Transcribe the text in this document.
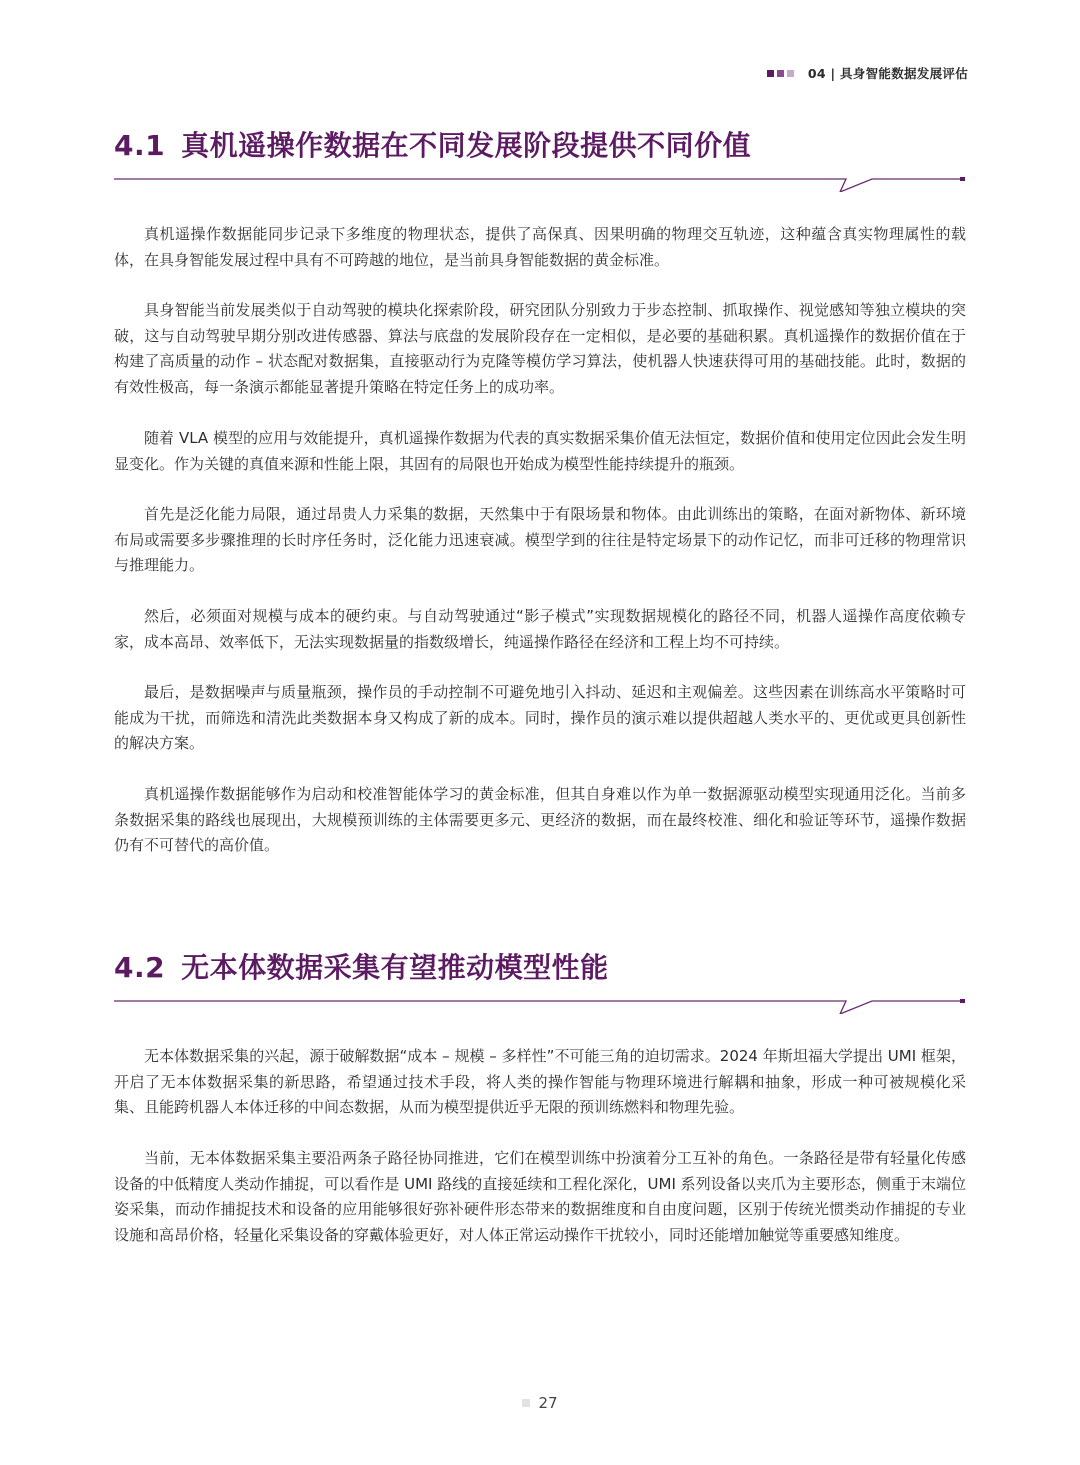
04 | 具身智能数据发展评估
4.1 真机遥操作数据在不同发展阶段提供不同价值

真机遥操作数据能同步记录下多维度的物理状态，提供了高保真、因果明确的物理交互轨迹，这种蕴含真实物理属性的载体，在具身智能发展过程中具有不可跨越的地位，是当前具身智能数据的黄金标准。

具身智能当前发展类似于自动驾驶的模块化探索阶段，研究团队分别致力于步态控制、抓取操作、视觉感知等独立模块的突破，这与自动驾驶早期分别改进传感器、算法与底盘的发展阶段存在一定相似，是必要的基础积累。真机遥操作的数据价值在于构建了高质量的动作 – 状态配对数据集，直接驱动行为克隆等模仿学习算法，使机器人快速获得可用的基础技能。此时，数据的有效性极高，每一条演示都能显著提升策略在特定任务上的成功率。

随着 VLA 模型的应用与效能提升，真机遥操作数据为代表的真实数据采集价值无法恒定，数据价值和使用定位因此会发生明显变化。作为关键的真值来源和性能上限，其固有的局限也开始成为模型性能持续提升的瓶颈。

首先是泛化能力局限，通过昂贵人力采集的数据，天然集中于有限场景和物体。由此训练出的策略，在面对新物体、新环境布局或需要多步骤推理的长时序任务时，泛化能力迅速衰减。模型学到的往往是特定场景下的动作记忆，而非可迁移的物理常识与推理能力。

然后，必须面对规模与成本的硬约束。与自动驾驶通过“影子模式”实现数据规模化的路径不同，机器人遥操作高度依赖专家，成本高昂、效率低下，无法实现数据量的指数级增长，纯遥操作路径在经济和工程上均不可持续。

最后，是数据噪声与质量瓶颈，操作员的手动控制不可避免地引入抖动、延迟和主观偏差。这些因素在训练高水平策略时可能成为干扰，而筛选和清洗此类数据本身又构成了新的成本。同时，操作员的演示难以提供超越人类水平的、更优或更具创新性的解决方案。

真机遥操作数据能够作为启动和校准智能体学习的黄金标准，但其自身难以作为单一数据源驱动模型实现通用泛化。当前多条数据采集的路线也展现出，大规模预训练的主体需要更多元、更经济的数据，而在最终校准、细化和验证等环节，遥操作数据仍有不可替代的高价值。

4.2 无本体数据采集有望推动模型性能

无本体数据采集的兴起，源于破解数据“成本 – 规模 – 多样性”不可能三角的迫切需求。2024 年斯坦福大学提出 UMI 框架，开启了无本体数据采集的新思路，希望通过技术手段，将人类的操作智能与物理环境进行解耦和抽象，形成一种可被规模化采集、且能跨机器人本体迁移的中间态数据，从而为模型提供近乎无限的预训练燃料和物理先验。

当前，无本体数据采集主要沿两条子路径协同推进，它们在模型训练中扮演着分工互补的角色。一条路径是带有轻量化传感设备的中低精度人类动作捕捉，可以看作是 UMI 路线的直接延续和工程化深化，UMI 系列设备以夹爪为主要形态，侧重于末端位姿采集，而动作捕捉技术和设备的应用能够很好弥补硬件形态带来的数据维度和自由度问题，区别于传统光惯类动作捕捉的专业设施和高昂价格，轻量化采集设备的穿戴体验更好，对人体正常运动操作干扰较小，同时还能增加触觉等重要感知维度。

27
